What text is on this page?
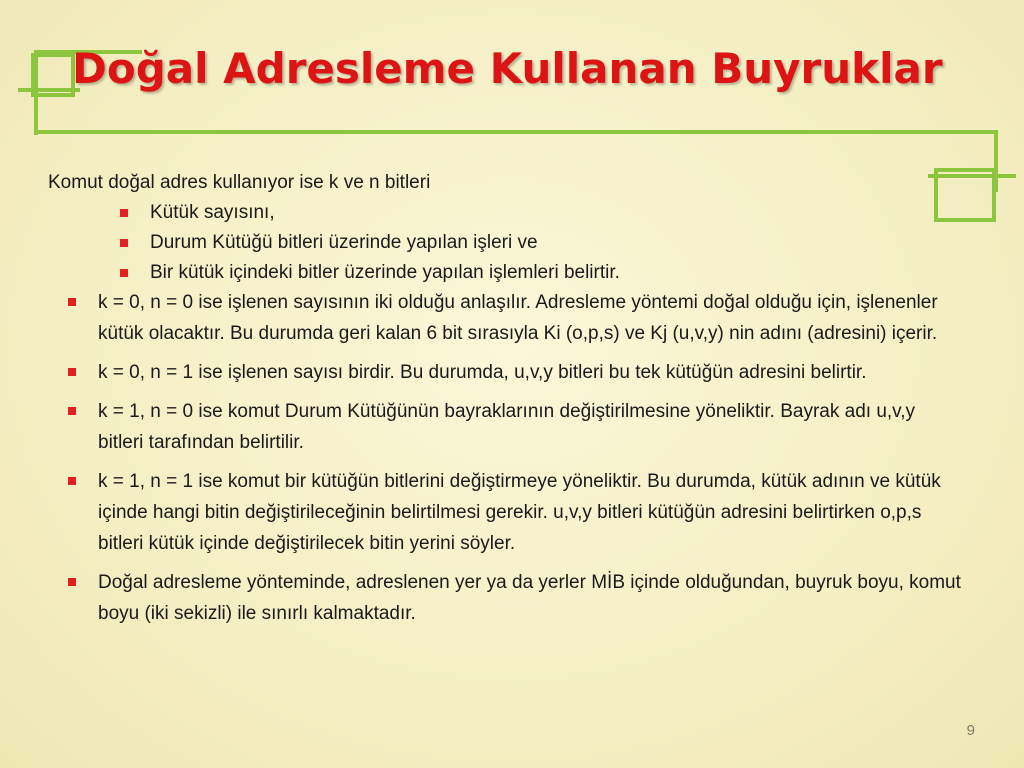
Doğal Adresleme Kullanan Buyruklar
Komut doğal adres kullanıyor ise k ve n bitleri
Kütük sayısını,
Durum Kütüğü bitleri üzerinde yapılan işleri ve
Bir kütük içindeki bitler üzerinde yapılan işlemleri belirtir.
k = 0, n = 0 ise işlenen sayısının iki olduğu anlaşılır. Adresleme yöntemi doğal olduğu için, işlenenler kütük olacaktır. Bu durumda geri kalan 6 bit sırasıyla Ki (o,p,s) ve Kj (u,v,y) nin adını (adresini) içerir.
k = 0, n = 1 ise işlenen sayısı birdir. Bu durumda, u,v,y bitleri bu tek kütüğün adresini belirtir.
k = 1, n = 0 ise komut Durum Kütüğünün bayraklarının değiştirilmesine yöneliktir. Bayrak adı u,v,y bitleri tarafından belirtilir.
k = 1, n = 1 ise komut bir kütüğün bitlerini değiştirmeye yöneliktir. Bu durumda, kütük adının ve kütük içinde hangi bitin değiştirileceğinin belirtilmesi gerekir. u,v,y bitleri kütüğün adresini belirtirken o,p,s bitleri kütük içinde değiştirilecek bitin yerini söyler.
Doğal adresleme yönteminde, adreslenen yer ya da yerler MİB içinde olduğundan, buyruk boyu, komut boyu (iki sekizli) ile sınırlı kalmaktadır.
9
